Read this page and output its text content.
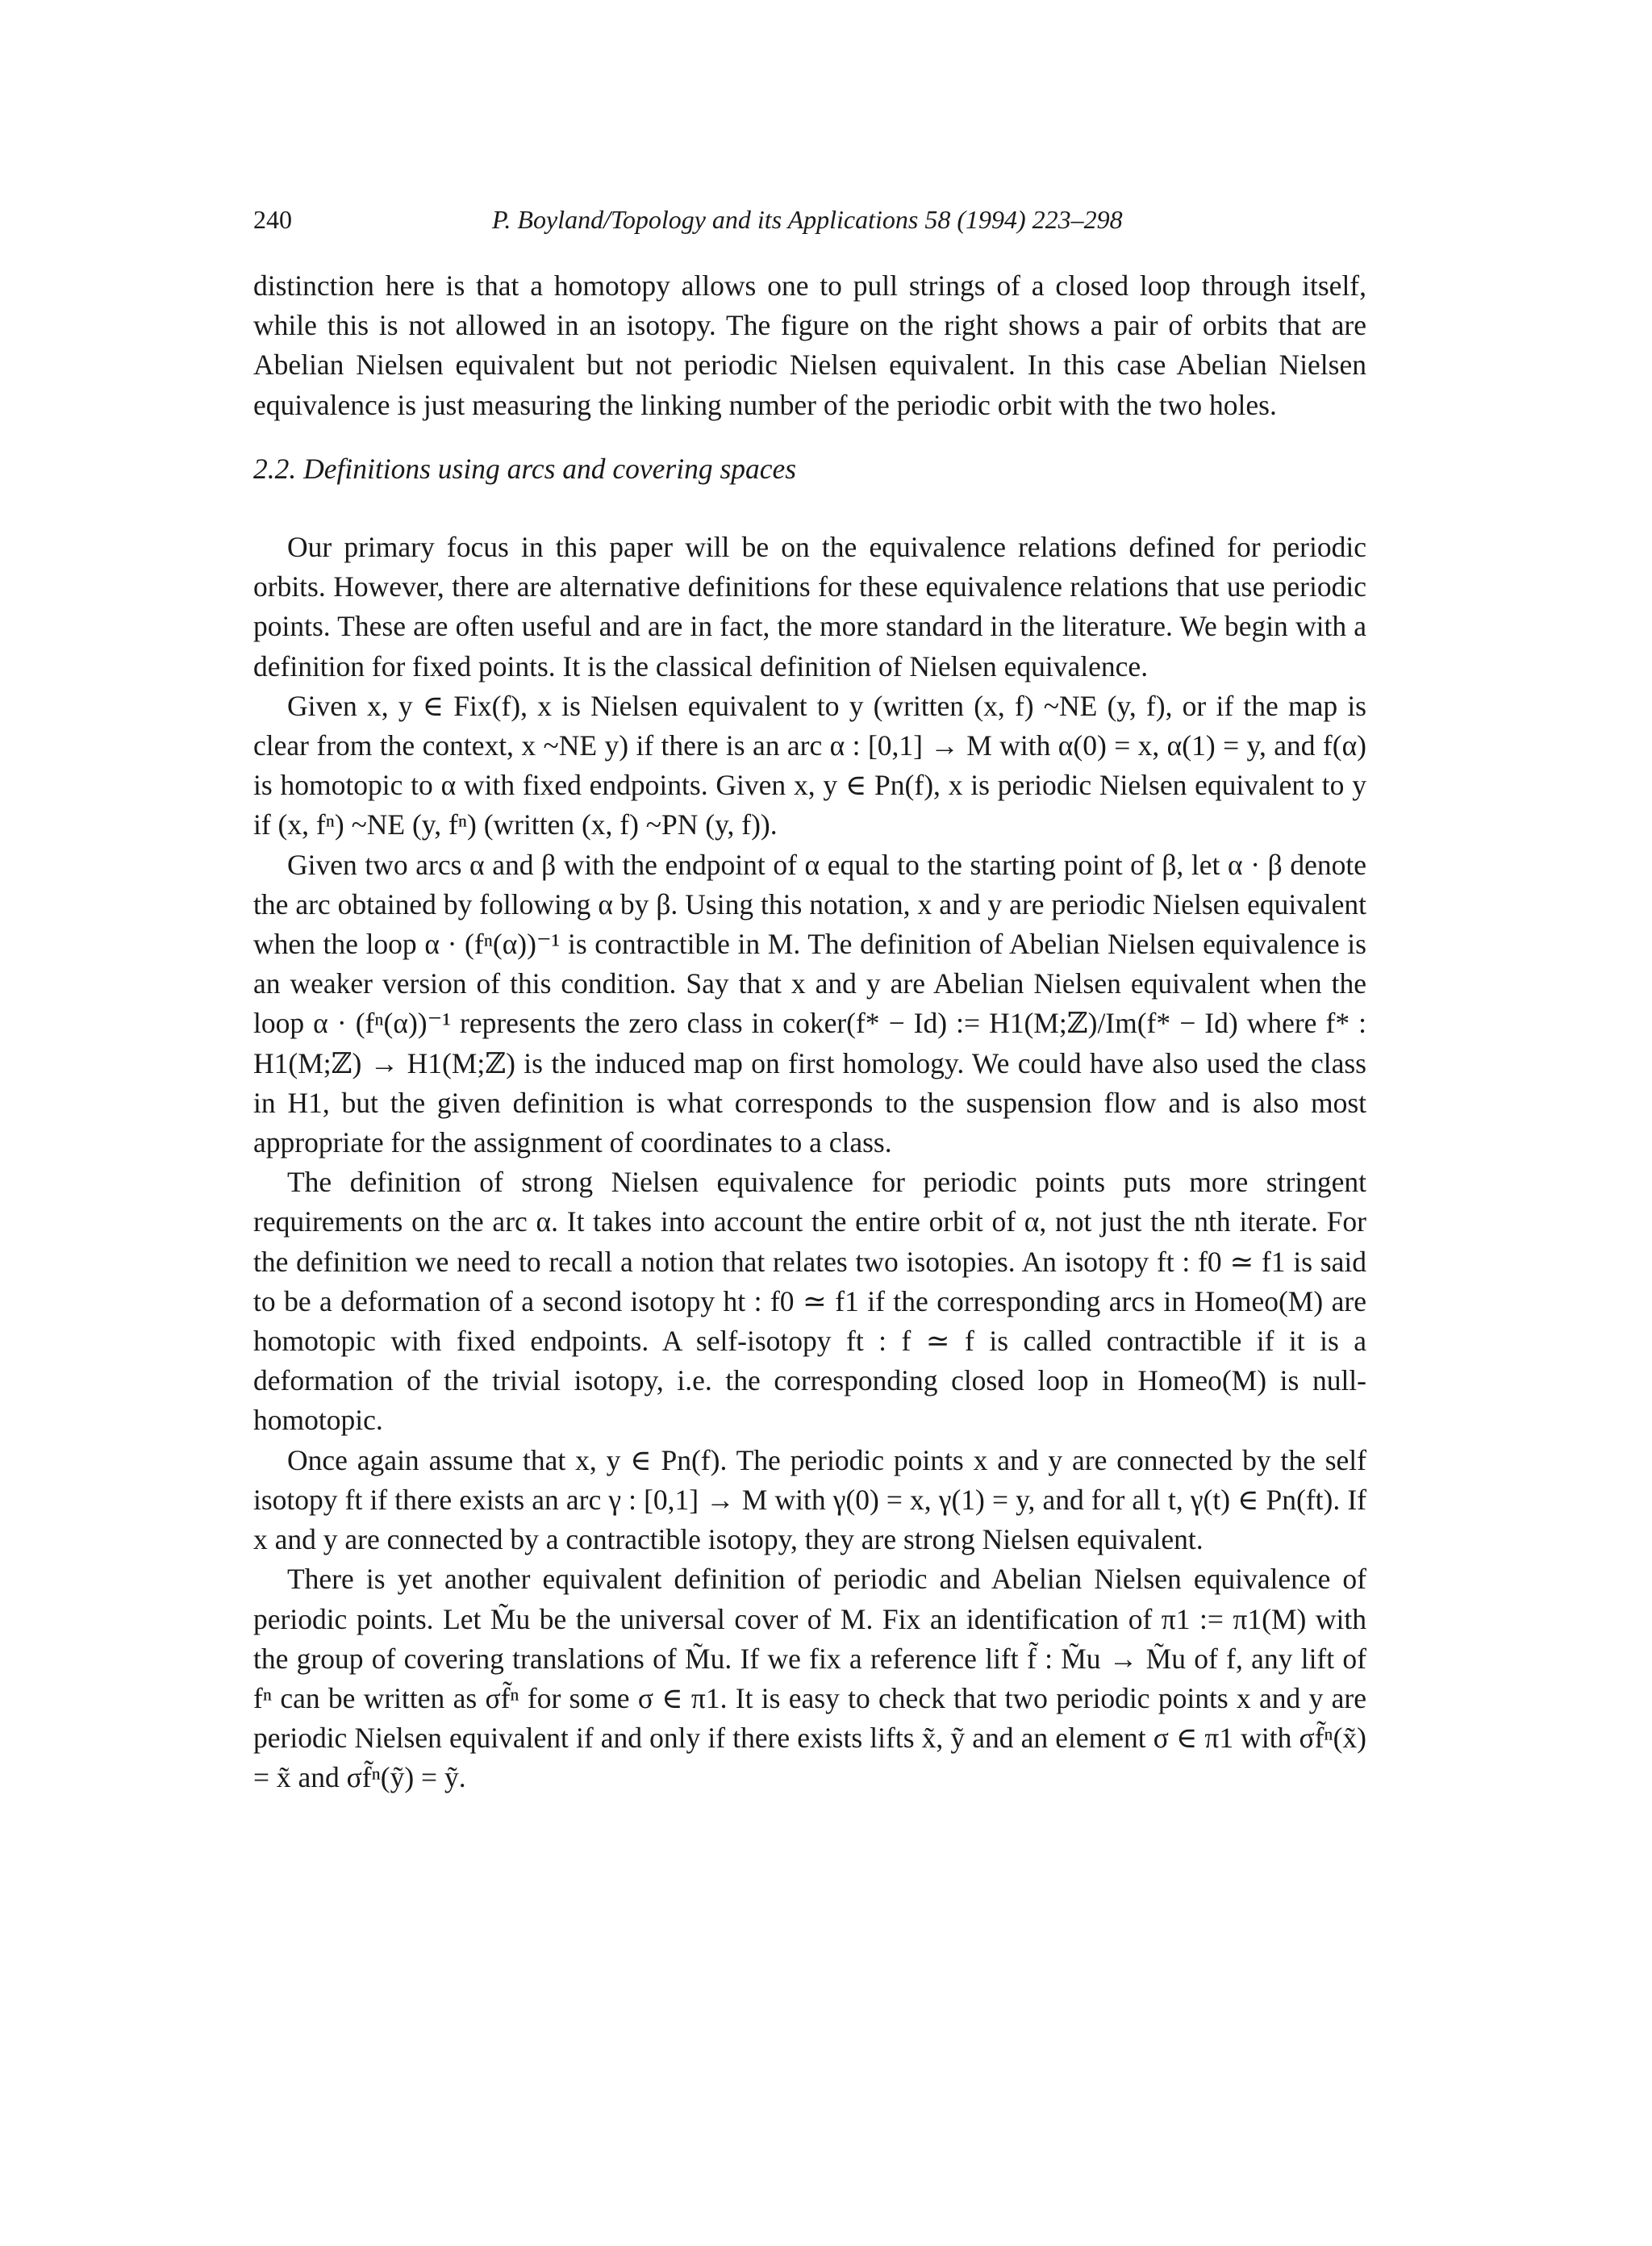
240	P. Boyland/Topology and its Applications 58 (1994) 223–298

distinction here is that a homotopy allows one to pull strings of a closed loop through itself, while this is not allowed in an isotopy. The figure on the right shows a pair of orbits that are Abelian Nielsen equivalent but not periodic Nielsen equivalent. In this case Abelian Nielsen equivalence is just measuring the linking number of the periodic orbit with the two holes.

2.2. Definitions using arcs and covering spaces

Our primary focus in this paper will be on the equivalence relations defined for periodic orbits. However, there are alternative definitions for these equivalence relations that use periodic points. These are often useful and are in fact, the more standard in the literature. We begin with a definition for fixed points. It is the classical definition of Nielsen equivalence.

Given x, y ∈ Fix(f), x is Nielsen equivalent to y (written (x, f) ~NE (y, f), or if the map is clear from the context, x ~NE y) if there is an arc α : [0,1] → M with α(0) = x, α(1) = y, and f(α) is homotopic to α with fixed endpoints. Given x, y ∈ Pn(f), x is periodic Nielsen equivalent to y if (x, fⁿ) ~NE (y, fⁿ) (written (x, f) ~PN (y, f)).

Given two arcs α and β with the endpoint of α equal to the starting point of β, let α · β denote the arc obtained by following α by β. Using this notation, x and y are periodic Nielsen equivalent when the loop α · (fⁿ(α))⁻¹ is contractible in M. The definition of Abelian Nielsen equivalence is an weaker version of this condition. Say that x and y are Abelian Nielsen equivalent when the loop α · (fⁿ(α))⁻¹ represents the zero class in coker(f* − Id) := H1(M;ℤ)/Im(f* − Id) where f* : H1(M;ℤ) → H1(M;ℤ) is the induced map on first homology. We could have also used the class in H1, but the given definition is what corresponds to the suspension flow and is also most appropriate for the assignment of coordinates to a class.

The definition of strong Nielsen equivalence for periodic points puts more stringent requirements on the arc α. It takes into account the entire orbit of α, not just the nth iterate. For the definition we need to recall a notion that relates two isotopies. An isotopy ft : f0 ≃ f1 is said to be a deformation of a second isotopy ht : f0 ≃ f1 if the corresponding arcs in Homeo(M) are homotopic with fixed endpoints. A self-isotopy ft : f ≃ f is called contractible if it is a deformation of the trivial isotopy, i.e. the corresponding closed loop in Homeo(M) is null-homotopic.

Once again assume that x, y ∈ Pn(f). The periodic points x and y are connected by the self isotopy ft if there exists an arc γ : [0,1] → M with γ(0) = x, γ(1) = y, and for all t, γ(t) ∈ Pn(ft). If x and y are connected by a contractible isotopy, they are strong Nielsen equivalent.

There is yet another equivalent definition of periodic and Abelian Nielsen equivalence of periodic points. Let M̃u be the universal cover of M. Fix an identification of π1 := π1(M) with the group of covering translations of M̃u. If we fix a reference lift f̃ : M̃u → M̃u of f, any lift of fⁿ can be written as σf̃ⁿ for some σ ∈ π1. It is easy to check that two periodic points x and y are periodic Nielsen equivalent if and only if there exists lifts x̃, ỹ and an element σ ∈ π1 with σf̃ⁿ(x̃) = x̃ and σf̃ⁿ(ỹ) = ỹ.
